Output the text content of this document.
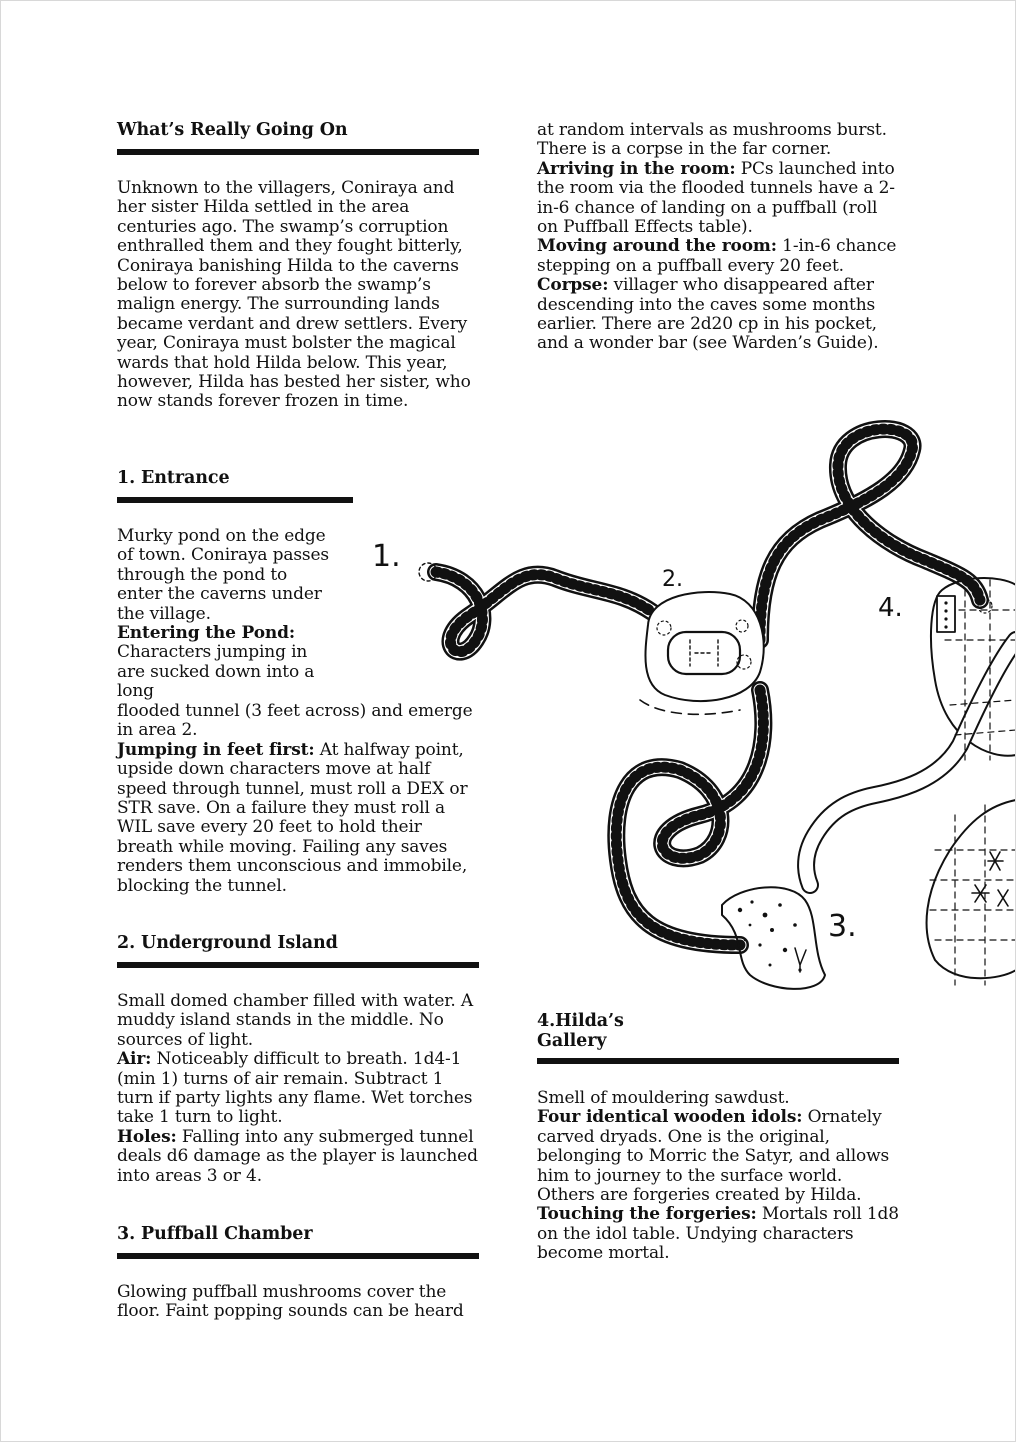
What’s Really Going On

Unknown to the villagers, Coniraya and her sister Hilda settled in the area centuries ago. The swamp’s corruption enthralled them and they fought bitterly, Coniraya banishing Hilda to the caverns below to forever absorb the swamp’s malign energy. The surrounding lands became verdant and drew settlers. Every year, Coniraya must bolster the magical wards that hold Hilda below. This year, however, Hilda has bested her sister, who now stands forever frozen in time.

1. Entrance

Murky pond on the edge of town. Coniraya passes through the pond to enter the caverns under the village.

Entering the Pond:

Characters jumping in are sucked down into a long

flooded tunnel (3 feet across) and emerge in area 2.

Jumping in feet first: At halfway point, upside down characters move at half speed through tunnel, must roll a DEX or STR save. On a failure they must roll a WIL save every 20 feet to hold their breath while moving. Failing any saves renders them unconscious and immobile, blocking the tunnel.

2. Underground Island

Small domed chamber filled with water. A muddy island stands in the middle. No sources of light.

Air: Noticeably difficult to breath. 1d4-1 (min 1) turns of air remain. Subtract 1 turn if party lights any flame. Wet torches take 1 turn to light.

Holes: Falling into any submerged tunnel deals d6 damage as the player is launched into areas 3 or 4.

3. Puffball Chamber

Glowing puffball mushrooms cover the floor. Faint popping sounds can be heard

at random intervals as mushrooms burst. There is a corpse in the far corner.

Arriving in the room: PCs launched into the room via the flooded tunnels have a 2-in-6 chance of landing on a puffball (roll on Puffball Effects table).

Moving around the room: 1-in-6 chance stepping on a puffball every 20 feet.

Corpse: villager who disappeared after descending into the caves some months earlier. There are 2d20 cp in his pocket, and a wonder bar (see Warden’s Guide).

4.Hilda’s
Gallery

Smell of mouldering sawdust.

Four identical wooden idols: Ornately carved dryads. One is the original, belonging to Morric the Satyr, and allows him to journey to the surface world. Others are forgeries created by Hilda.

Touching the forgeries: Mortals roll 1d8 on the idol table. Undying characters become mortal.

1.
2.
3.
4.
